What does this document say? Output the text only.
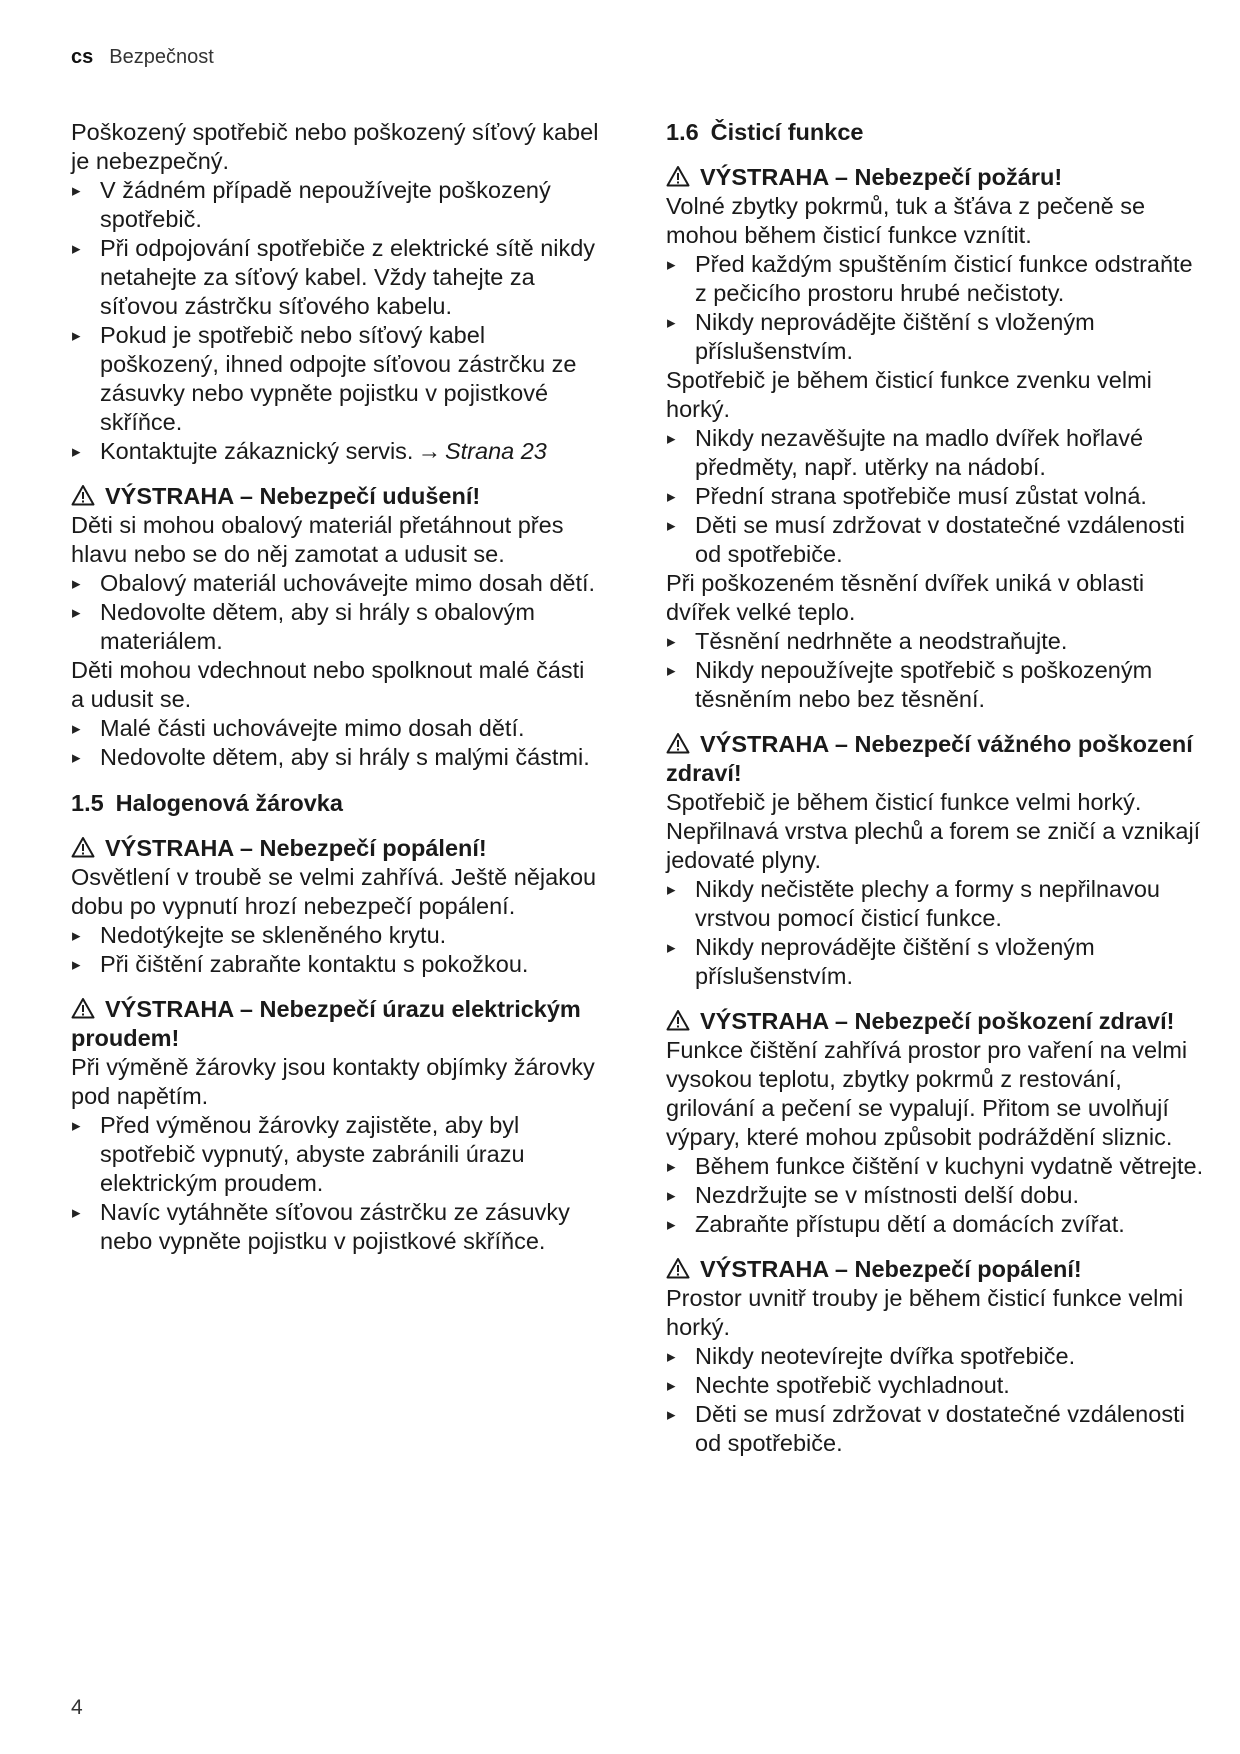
cs Bezpečnost

Poškozený spotřebič nebo poškozený síťový kabel je nebezpečný.

▸ V žádném případě nepoužívejte poškozený spotřebič.
▸ Při odpojování spotřebiče z elektrické sítě nikdy netahejte za síťový kabel. Vždy tahejte za síťovou zástrčku síťového kabelu.
▸ Pokud je spotřebič nebo síťový kabel poškozený, ihned odpojte síťovou zástrčku ze zásuvky nebo vypněte pojistku v pojistkové skříňce.
▸ Kontaktujte zákaznický servis. → Strana 23
VÝSTRAHA – Nebezpečí udušení!

Děti si mohou obalový materiál přetáhnout přes hlavu nebo se do něj zamotat a udusit se.

▸ Obalový materiál uchovávejte mimo dosah dětí.
▸ Nedovolte dětem, aby si hrály s obalovým materiálem.

Děti mohou vdechnout nebo spolknout malé části a udusit se.

▸ Malé části uchovávejte mimo dosah dětí.
▸ Nedovolte dětem, aby si hrály s malými částmi.
1.5 Halogenová žárovka
VÝSTRAHA – Nebezpečí popálení!

Osvětlení v troubě se velmi zahřívá. Ještě nějakou dobu po vypnutí hrozí nebezpečí popálení.

▸ Nedotýkejte se skleněného krytu.
▸ Při čištění zabraňte kontaktu s pokožkou.
VÝSTRAHA – Nebezpečí úrazu elektrickým proudem!

Při výměně žárovky jsou kontakty objímky žárovky pod napětím.

▸ Před výměnou žárovky zajistěte, aby byl spotřebič vypnutý, abyste zabránili úrazu elektrickým proudem.
▸ Navíc vytáhněte síťovou zástrčku ze zásuvky nebo vypněte pojistku v pojistkové skříňce.
1.6 Čisticí funkce
VÝSTRAHA – Nebezpečí požáru!

Volné zbytky pokrmů, tuk a šťáva z pečeně se mohou během čisticí funkce vznítit.

▸ Před každým spuštěním čisticí funkce odstraňte z pečicího prostoru hrubé nečistoty.
▸ Nikdy neprovádějte čištění s vloženým příslušenstvím.

Spotřebič je během čisticí funkce zvenku velmi horký.

▸ Nikdy nezavěšujte na madlo dvířek hořlavé předměty, např. utěrky na nádobí.
▸ Přední strana spotřebiče musí zůstat volná.
▸ Děti se musí zdržovat v dostatečné vzdálenosti od spotřebiče.

Při poškozeném těsnění dvířek uniká v oblasti dvířek velké teplo.

▸ Těsnění nedrhněte a neodstraňujte.
▸ Nikdy nepoužívejte spotřebič s poškozeným těsněním nebo bez těsnění.
VÝSTRAHA – Nebezpečí vážného poškození zdraví!

Spotřebič je během čisticí funkce velmi horký. Nepřilnavá vrstva plechů a forem se zničí a vznikají jedovaté plyny.

▸ Nikdy nečistěte plechy a formy s nepřilnavou vrstvou pomocí čisticí funkce.
▸ Nikdy neprovádějte čištění s vloženým příslušenstvím.
VÝSTRAHA – Nebezpečí poškození zdraví!

Funkce čištění zahřívá prostor pro vaření na velmi vysokou teplotu, zbytky pokrmů z restování, grilování a pečení se vypalují. Přitom se uvolňují výpary, které mohou způsobit podráždění sliznic.

▸ Během funkce čištění v kuchyni vydatně větrejte.
▸ Nezdržujte se v místnosti delší dobu.
▸ Zabraňte přístupu dětí a domácích zvířat.
VÝSTRAHA – Nebezpečí popálení!

Prostor uvnitř trouby je během čisticí funkce velmi horký.

▸ Nikdy neotevírejte dvířka spotřebiče.
▸ Nechte spotřebič vychladnout.
▸ Děti se musí zdržovat v dostatečné vzdálenosti od spotřebiče.
4
